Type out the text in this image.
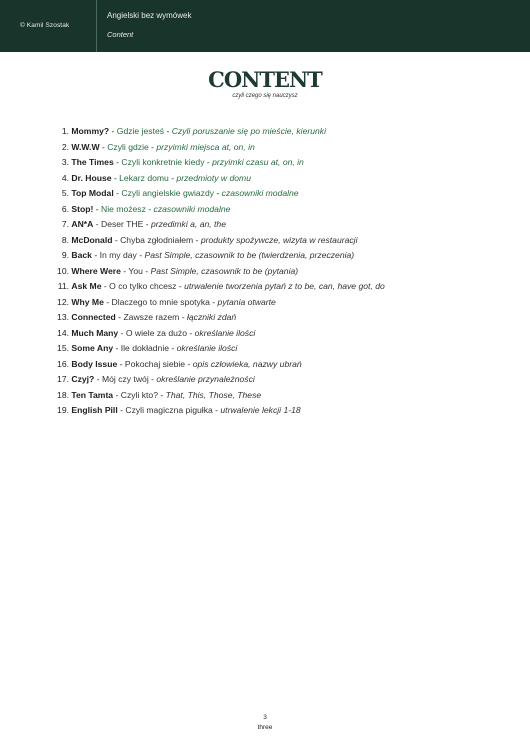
© Kamil Szostak
Angielski bez wymówek
Content
CONTENT
czyli czego się nauczysz
1. Mommy? - Gdzie jesteś - Czyli poruszanie się po mieście, kierunki
2. W.W.W - Czyli gdzie - przyimki miejsca at, on, in
3. The Times - Czyli konkretnie kiedy - przyimki czasu at, on, in
4. Dr. House - Lekarz domu - przedmioty w domu
5. Top Modal - Czyli angielskie gwiazdy - czasowniki modalne
6. Stop! - Nie możesz - czasowniki modalne
7. AN*A - Deser THE - przedimki a, an, the
8. McDonald - Chyba zgłodniałem - produkty spożywcze, wizyta w restauracji
9. Back - In my day - Past Simple, czasownik to be (twierdzenia, przeczenia)
10. Where Were - You - Past Simple, czasownik to be (pytania)
11. Ask Me - O co tylko chcesz - utrwalenie tworzenia pytań z to be, can, have got, do
12. Why Me - Dlaczego to mnie spotyka - pytania otwarte
13. Connected - Zawsze razem - łączniki zdań
14. Much Many - O wiele za dużo - określanie ilości
15. Some Any - Ile dokładnie - określanie ilości
16. Body Issue - Pokochaj siebie - opis człowieka, nazwy ubrań
17. Czyj? - Mój czy twój - określanie przynależności
18. Ten Tamta - Czyli kto? - That, This, Those, These
19. English Pill - Czyli magiczna pigułka - utrwalenie lekcji 1-18
3
three
